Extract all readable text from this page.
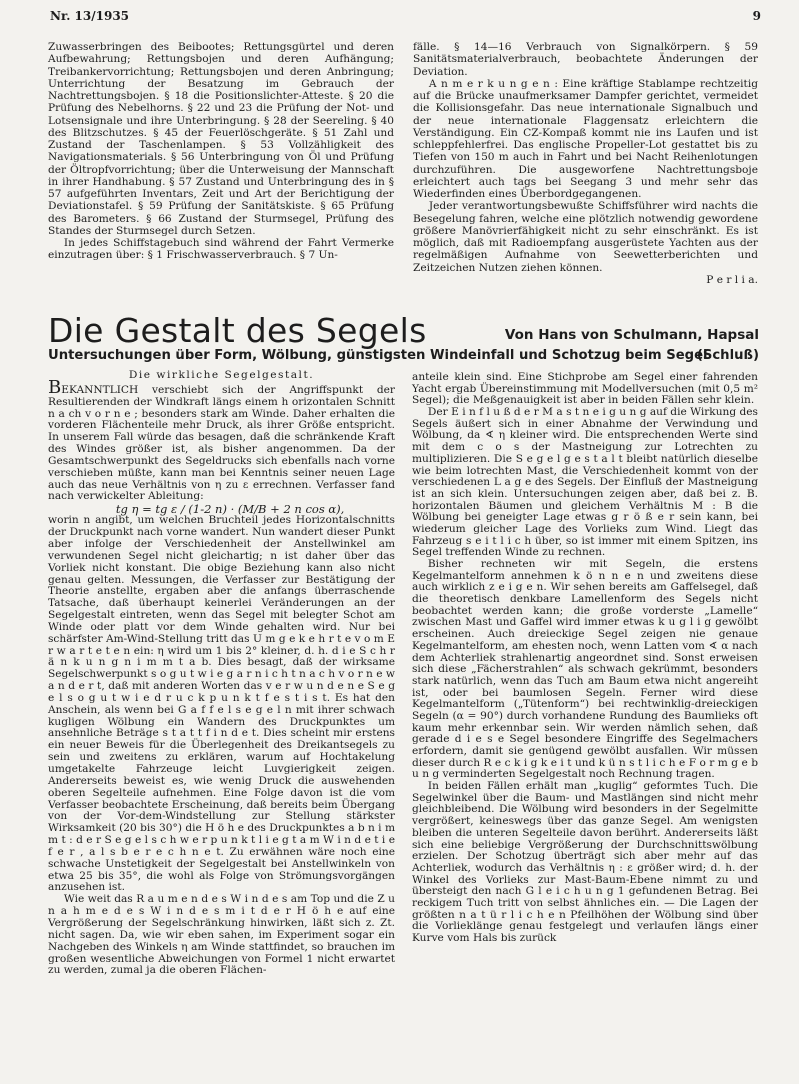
Nr. 13/1935	9

Zuwasserbringen des Beibootes; Rettungsgürtel und deren Aufbewahrung; Rettungsbojen und deren Aufhängung; Treibankervorrichtung; Rettungsbojen und deren Anbringung; Unterrichtung der Besatzung im Gebrauch der Nachtrettungsbojen. § 18 die Positionslichter-Atteste. § 20 die Prüfung des Nebelhorns. § 22 und 23 die Prüfung der Not- und Lotsensignale und ihre Unterbringung. § 28 der Seereling. § 40 des Blitzschutzes. § 45 der Feuerlöschgeräte. § 51 Zahl und Zustand der Taschenlampen. § 53 Vollzähligkeit des Navigationsmaterials. § 56 Unterbringung von Öl und Prüfung der Öltropfvorrichtung; über die Unterweisung der Mannschaft in ihrer Handhabung. § 57 Zustand und Unterbringung des in § 57 aufgeführten Inventars, Zeit und Art der Berichtigung der Deviationstafel. § 59 Prüfung der Sanitätskiste. § 65 Prüfung des Barometers. § 66 Zustand der Sturmsegel, Prüfung des Standes der Sturmsegel durch Setzen.

In jedes Schiffstagebuch sind während der Fahrt Vermerke einzutragen über: § 1 Frischwasserverbrauch. § 7 Un-

fälle. § 14—16 Verbrauch von Signalkörpern. § 59 Sanitätsmaterialverbrauch, beobachtete Änderungen der Deviation.

A n m e r k u n g e n : Eine kräftige Stablampe rechtzeitig auf die Brücke unaufmerksamer Dampfer gerichtet, vermeidet die Kollisionsgefahr. Das neue internationale Signalbuch und der neue internationale Flaggensatz erleichtern die Verständigung. Ein CZ-Kompaß kommt nie ins Laufen und ist schleppfehlerfrei. Das englische Propeller-Lot gestattet bis zu Tiefen von 150 m auch in Fahrt und bei Nacht Reihenlotungen durchzuführen. Die ausgeworfene Nachtrettungsboje erleichtert auch tags bei Seegang 3 und mehr sehr das Wiederfinden eines Überbordgegangenen.

Jeder verantwortungsbewußte Schiffsführer wird nachts die Besegelung fahren, welche eine plötzlich notwendig gewordene größere Manövrierfähigkeit nicht zu sehr einschränkt. Es ist möglich, daß mit Radioempfang ausgerüstete Yachten aus der regelmäßigen Aufnahme von Seewetterberichten und Zeitzeichen Nutzen ziehen können.

P e r l i a.

Die Gestalt des Segels	Von Hans von Schulmann, Hapsal
Untersuchungen über Form, Wölbung, günstigsten Windeinfall und Schotzug beim Segel
(Schluß)

Die wirkliche Segelgestalt.

BEKANNTLICH verschiebt sich der Angriffspunkt der Resultierenden der Windkraft längs einem h orizontalen Schnitt n a ch v o r n e ; besonders stark am Winde. Daher erhalten die vorderen Flächenteile mehr Druck, als ihrer Größe entspricht. In unserem Fall würde das besagen, daß die schränkende Kraft des Windes größer ist, als bisher angenommen. Da der Gesamtschwerpunkt des Segeldrucks sich ebenfalls nach vorne verschieben müßte, kann man bei Kenntnis seiner neuen Lage auch das neue Verhältnis von η zu ε errechnen. Verfasser fand nach verwickelter Ableitung:

tg η = tg ε / (1-2 n) · (M/B + 2 n cos α),

worin n angibt, um welchen Bruchteil jedes Horizontalschnitts der Druckpunkt nach vorne wandert. Nun wandert dieser Punkt aber infolge der Verschiedenheit der Anstellwinkel am verwundenen Segel nicht gleichartig; n ist daher über das Vorliek nicht konstant. Die obige Beziehung kann also nicht genau gelten. Messungen, die Verfasser zur Bestätigung der Theorie anstellte, ergaben aber die anfangs überraschende Tatsache, daß überhaupt keinerlei Veränderungen an der Segelgestalt eintreten, wenn das Segel mit belegter Schot am Winde oder platt vor dem Winde gehalten wird. Nur bei schärfster Am-Wind-Stellung tritt das U m g e k e h r t e v o m E r w a r t e t e n ein: η wird um 1 bis 2° kleiner, d. h. d i e S c h r ä n k u n g n i m m t a b. Dies besagt, daß der wirksame Segelschwerpunkt s o g u t w i e g a r n i c h t n a c h v o r n e w a n d e r t, daß mit anderen Worten das v e r w u n d e n e S e g e l s o g u t w i e d r u c k p u n k t f e s t i s t. Es hat den Anschein, als wenn bei G a f f e l s e g e l n mit ihrer schwach kugligen Wölbung ein Wandern des Druckpunktes um ansehnliche Beträge s t a t t f i n d e t. Dies scheint mir erstens ein neuer Beweis für die Überlegenheit des Dreikantsegels zu sein und zweitens zu erklären, warum auf Hochtakelung umgetakelte Fahrzeuge leicht Luvgierigkeit zeigen. Andererseits beweist es, wie wenig Druck die auswehenden oberen Segelteile aufnehmen. Eine Folge davon ist die vom Verfasser beobachtete Erscheinung, daß bereits beim Übergang von der Vor-dem-Windstellung zur Stellung stärkster Wirksamkeit (20 bis 30°) die H ö h e des Druckpunktes a b n i m m t : d e r S e g e l s c h w e r p u n k t l i e g t a m W i n d e t i e f e r , a l s b e r e c h n e t. Zu erwähnen wäre noch eine schwache Unstetigkeit der Segelgestalt bei Anstellwinkeln von etwa 25 bis 35°, die wohl als Folge von Strömungsvorgängen anzusehen ist.

Wie weit das R a u m e n d e s W i n d e s am Top und die Z u n a h m e d e s W i n d e s m i t d e r H ö h e auf eine Vergrößerung der Segelschränkung hinwirken, läßt sich z. Zt. nicht sagen. Da, wie wir eben sahen, im Experiment sogar ein Nachgeben des Winkels η am Winde stattfindet, so brauchen im großen wesentliche Abweichungen von Formel 1 nicht erwartet zu werden, zumal ja die oberen Flächen-

anteile klein sind. Eine Stichprobe am Segel einer fahrenden Yacht ergab Übereinstimmung mit Modellversuchen (mit 0,5 m² Segel); die Meßgenauigkeit ist aber in beiden Fällen sehr klein.

Der E i n f l u ß d e r M a s t n e i g u n g auf die Wirkung des Segels äußert sich in einer Abnahme der Verwindung und Wölbung, da ∢ η kleiner wird. Die entsprechenden Werte sind mit dem c o s der Mastneigung zur Lotrechten zu multiplizieren. Die S e g e l g e s t a l t bleibt natürlich dieselbe wie beim lotrechten Mast, die Verschiedenheit kommt von der verschiedenen L a g e des Segels. Der Einfluß der Mastneigung ist an sich klein. Untersuchungen zeigen aber, daß bei z. B. horizontalen Bäumen und gleichem Verhältnis M : B die Wölbung bei geneigter Lage etwas g r ö ß e r sein kann, bei wiederum gleicher Lage des Vorlieks zum Wind. Liegt das Fahrzeug s e i t l i c h über, so ist immer mit einem Spitzen, ins Segel treffenden Winde zu rechnen.

Bisher rechneten wir mit Segeln, die erstens Kegelmantelform annehmen k ö n n e n und zweitens diese auch wirklich z e i g e n. Wir sehen bereits am Gaffelsegel, daß die theoretisch denkbare Lamellenform des Segels nicht beobachtet werden kann; die große vorderste „Lamelle“ zwischen Mast und Gaffel wird immer etwas k u g l i g gewölbt erscheinen. Auch dreieckige Segel zeigen nie genaue Kegelmantelform, am ehesten noch, wenn Latten vom ∢ α nach dem Achterliek strahlenartig angeordnet sind. Sonst erweisen sich diese „Fächerstrahlen“ als schwach gekrümmt, besonders stark natürlich, wenn das Tuch am Baum etwa nicht angereiht ist, oder bei baumlosen Segeln. Ferner wird diese Kegelmantelform („Tütenform“) bei rechtwinklig-dreieckigen Segeln (α = 90°) durch vorhandene Rundung des Baumlieks oft kaum mehr erkennbar sein. Wir werden nämlich sehen, daß gerade d i e s e Segel besondere Eingriffe des Segelmachers erfordern, damit sie genügend gewölbt ausfallen. Wir müssen dieser durch R e c k i g k e i t und k ü n s t l i c h e F o r m g e b u n g verminderten Segelgestalt noch Rechnung tragen.

In beiden Fällen erhält man „kuglig“ geformtes Tuch. Die Segelwinkel über die Baum- und Mastlängen sind nicht mehr gleichbleibend. Die Wölbung wird besonders in der Segelmitte vergrößert, keineswegs über das ganze Segel. Am wenigsten bleiben die unteren Segelteile davon berührt. Andererseits läßt sich eine beliebige Vergrößerung der Durchschnittswölbung erzielen. Der Schotzug überträgt sich aber mehr auf das Achterliek, wodurch das Verhältnis η : ε größer wird; d. h. der Winkel des Vorlieks zur Mast-Baum-Ebene nimmt zu und übersteigt den nach G l e i c h u n g 1 gefundenen Betrag. Bei reckigem Tuch tritt von selbst ähnliches ein. — Die Lagen der größten n a t ü r l i c h e n Pfeilhöhen der Wölbung sind über die Vorlieklänge genau festgelegt und verlaufen längs einer Kurve vom Hals bis zurück
